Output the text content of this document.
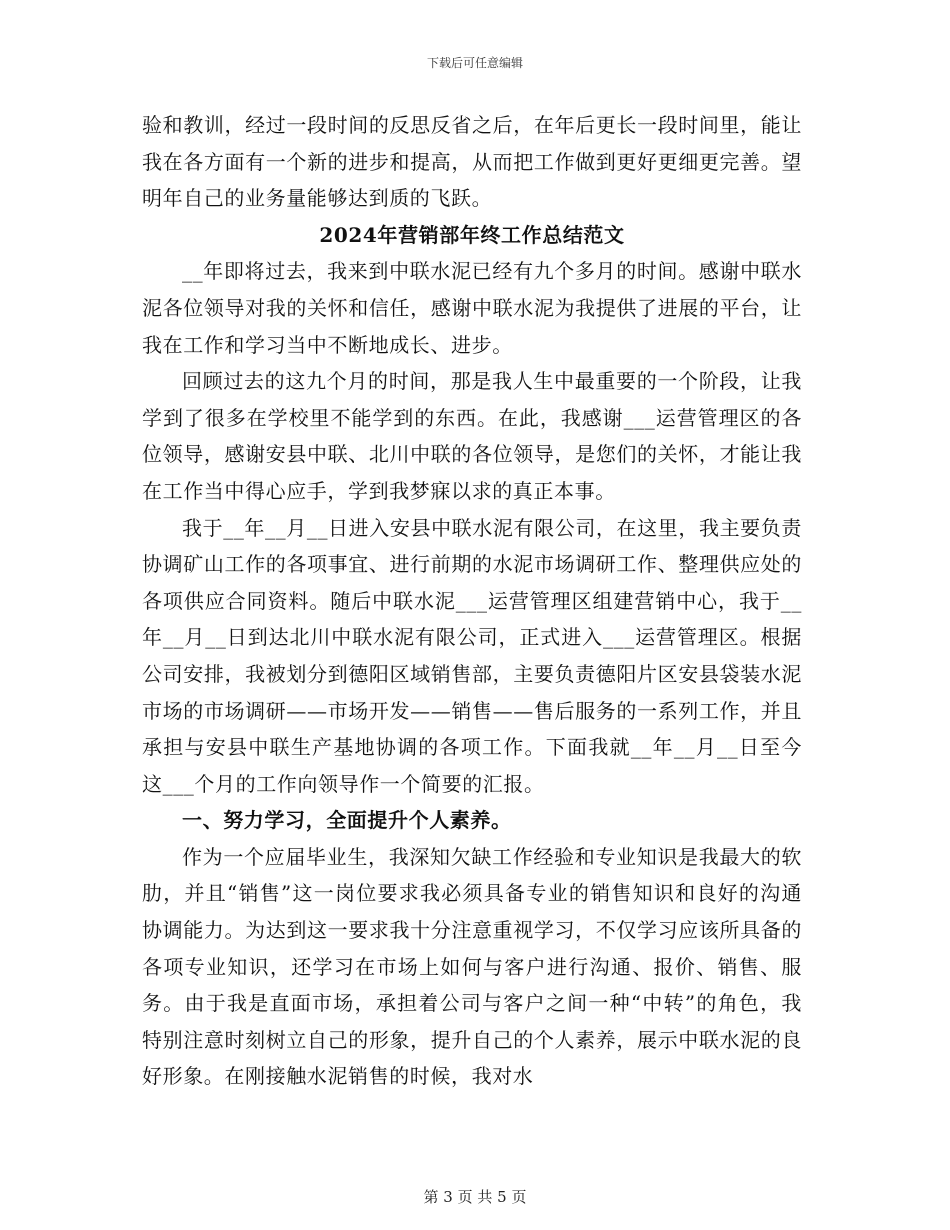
下载后可任意编辑

验和教训，经过一段时间的反思反省之后，在年后更长一段时间里，能让我在各方面有一个新的进步和提高，从而把工作做到更好更细更完善。望明年自己的业务量能够达到质的飞跃。

2024年营销部年终工作总结范文

__年即将过去，我来到中联水泥已经有九个多月的时间。感谢中联水泥各位领导对我的关怀和信任，感谢中联水泥为我提供了进展的平台，让我在工作和学习当中不断地成长、进步。

回顾过去的这九个月的时间，那是我人生中最重要的一个阶段，让我学到了很多在学校里不能学到的东西。在此，我感谢___运营管理区的各位领导，感谢安县中联、北川中联的各位领导，是您们的关怀，才能让我在工作当中得心应手，学到我梦寐以求的真正本事。

我于__年__月__日进入安县中联水泥有限公司，在这里，我主要负责协调矿山工作的各项事宜、进行前期的水泥市场调研工作、整理供应处的各项供应合同资料。随后中联水泥___运营管理区组建营销中心，我于__年__月__日到达北川中联水泥有限公司，正式进入___运营管理区。根据公司安排，我被划分到德阳区域销售部，主要负责德阳片区安县袋装水泥市场的市场调研——市场开发——销售——售后服务的一系列工作，并且承担与安县中联生产基地协调的各项工作。下面我就__年__月__日至今这___个月的工作向领导作一个简要的汇报。

一、努力学习，全面提升个人素养。

作为一个应届毕业生，我深知欠缺工作经验和专业知识是我最大的软肋，并且“销售”这一岗位要求我必须具备专业的销售知识和良好的沟通协调能力。为达到这一要求我十分注意重视学习，不仅学习应该所具备的各项专业知识，还学习在市场上如何与客户进行沟通、报价、销售、服务。由于我是直面市场，承担着公司与客户之间一种“中转”的角色，我特别注意时刻树立自己的形象，提升自己的个人素养，展示中联水泥的良好形象。在刚接触水泥销售的时候，我对水

第 3 页 共 5 页
